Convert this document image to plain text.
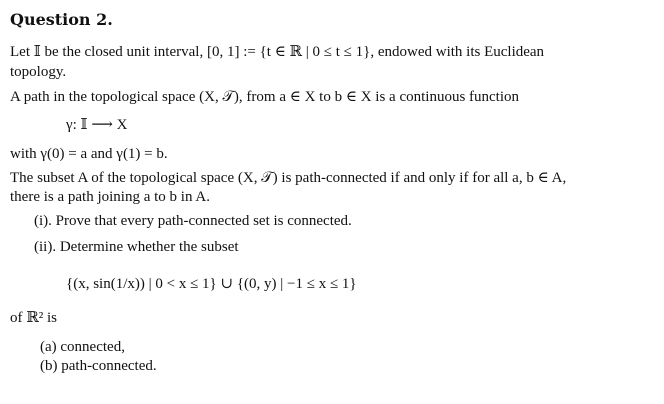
Question 2.
Let 𝕀 be the closed unit interval, [0, 1] := {t ∈ ℝ | 0 ≤ t ≤ 1}, endowed with its Euclidean
topology.
A path in the topological space (X, 𝒯), from a ∈ X to b ∈ X is a continuous function
γ: 𝕀 ⟶ X
with γ(0) = a and γ(1) = b.
The subset A of the topological space (X, 𝒯) is path-connected if and only if for all a, b ∈ A,
there is a path joining a to b in A.
(i). Prove that every path-connected set is connected.
(ii). Determine whether the subset
{(x, sin(1/x)) | 0 < x ≤ 1} ∪ {(0, y) | −1 ≤ x ≤ 1}
of ℝ² is
(a) connected,
(b) path-connected.
